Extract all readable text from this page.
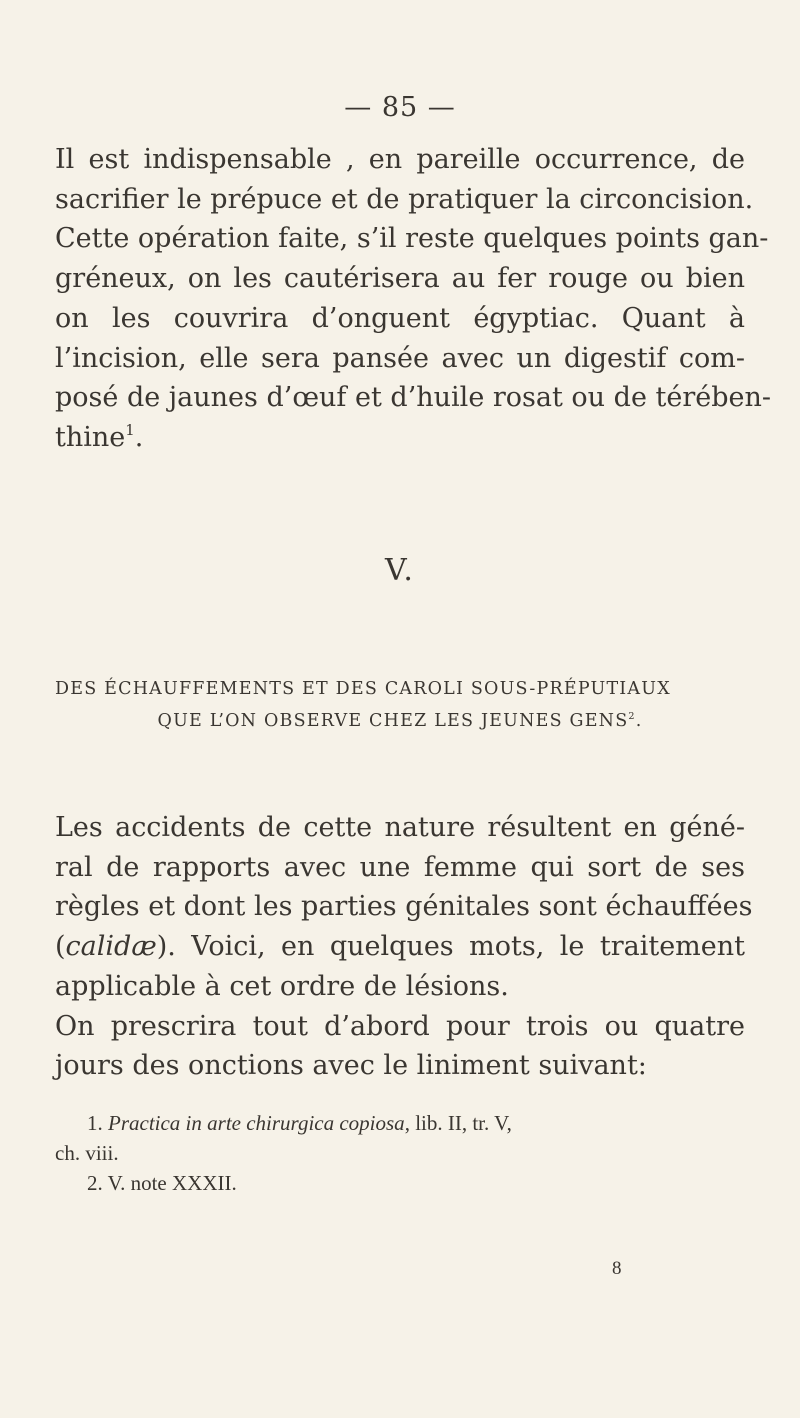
— 85 —
Il est indispensable , en pareille occurrence, de
sacrifier le prépuce et de pratiquer la circoncision.
Cette opération faite, s’il reste quelques points gan-
gréneux, on les cautérisera au fer rouge ou bien
on les couvrira d’onguent égyptiac. Quant à
l’incision, elle sera pansée avec un digestif com-
posé de jaunes d’œuf et d’huile rosat ou de térében-
thine$^1$.
V.
DES ÉCHAUFFEMENTS ET DES CAROLI SOUS-PRÉPUTIAUX
QUE L’ON OBSERVE CHEZ LES JEUNES GENS$^2$.
Les accidents de cette nature résultent en géné-
ral de rapports avec une femme qui sort de ses
règles et dont les parties génitales sont échauffées
(calidæ). Voici, en quelques mots, le traitement
applicable à cet ordre de lésions.
On prescrira tout d’abord pour trois ou quatre
jours des onctions avec le liniment suivant:
1. Practica in arte chirurgica copiosa, lib. II, tr. V,
ch. viii.
2. V. note XXXII.
8
